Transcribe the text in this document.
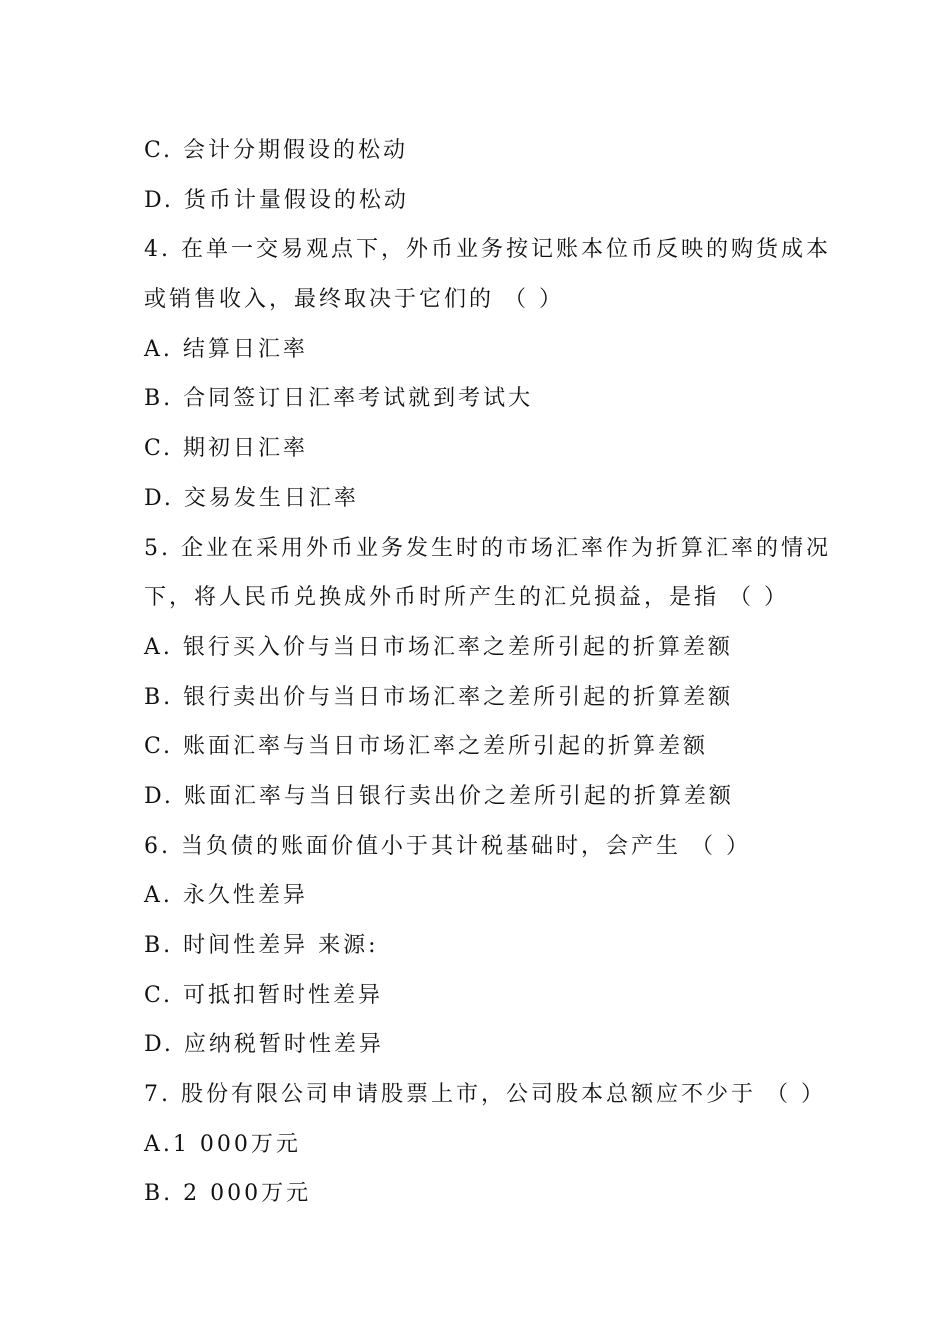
C. 会计分期假设的松动
D. 货币计量假设的松动
4. 在单一交易观点下，外币业务按记账本位币反映的购货成本
或销售收入，最终取决于它们的 （ ）
A. 结算日汇率
B. 合同签订日汇率考试就到考试大
C. 期初日汇率
D. 交易发生日汇率
5. 企业在采用外币业务发生时的市场汇率作为折算汇率的情况
下，将人民币兑换成外币时所产生的汇兑损益，是指 （ ）
A. 银行买入价与当日市场汇率之差所引起的折算差额
B. 银行卖出价与当日市场汇率之差所引起的折算差额
C. 账面汇率与当日市场汇率之差所引起的折算差额
D. 账面汇率与当日银行卖出价之差所引起的折算差额
6. 当负债的账面价值小于其计税基础时，会产生 （ ）
A. 永久性差异
B. 时间性差异 来源:
C. 可抵扣暂时性差异
D. 应纳税暂时性差异
7. 股份有限公司申请股票上市，公司股本总额应不少于 （ ）
A.1 000万元
B. 2 000万元
